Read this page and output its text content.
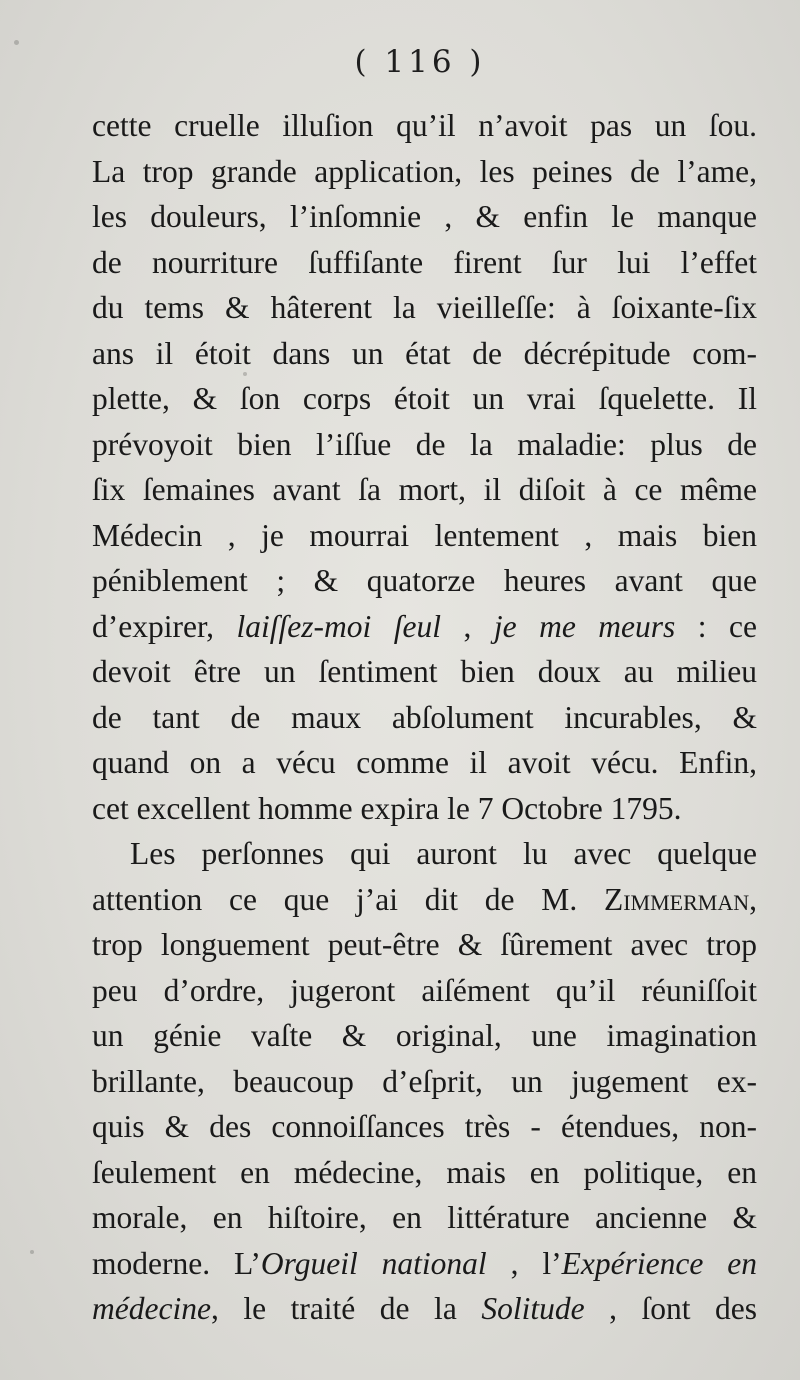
( 116 )
cette cruelle illuſion qu’il n’avoit pas un ſou.
La trop grande application, les peines de l’ame,
les douleurs, l’inſomnie , & enfin le manque
de nourriture ſuffiſante firent ſur lui l’effet
du tems & hâterent la vieilleſſe: à ſoixante-ſix
ans il étoit dans un état de décrépitude com-
plette, & ſon corps étoit un vrai ſquelette. Il
prévoyoit bien l’iſſue de la maladie: plus de
ſix ſemaines avant ſa mort, il diſoit à ce même
Médecin , je mourrai lentement , mais bien
péniblement ; & quatorze heures avant que
d’expirer, laiſſez-moi ſeul , je me meurs : ce
devoit être un ſentiment bien doux au milieu
de tant de maux abſolument incurables, &
quand on a vécu comme il avoit vécu. Enfin,
cet excellent homme expira le 7 Octobre 1795.
Les perſonnes qui auront lu avec quelque
attention ce que j’ai dit de M. Zimmerman,
trop longuement peut-être & ſûrement avec trop
peu d’ordre, jugeront aiſément qu’il réuniſſoit
un génie vaſte & original, une imagination
brillante, beaucoup d’eſprit, un jugement ex-
quis & des connoiſſances très - étendues, non-
ſeulement en médecine, mais en politique, en
morale, en hiſtoire, en littérature ancienne &
moderne. L’Orgueil national , l’Expérience en
médecine, le traité de la Solitude , ſont des
